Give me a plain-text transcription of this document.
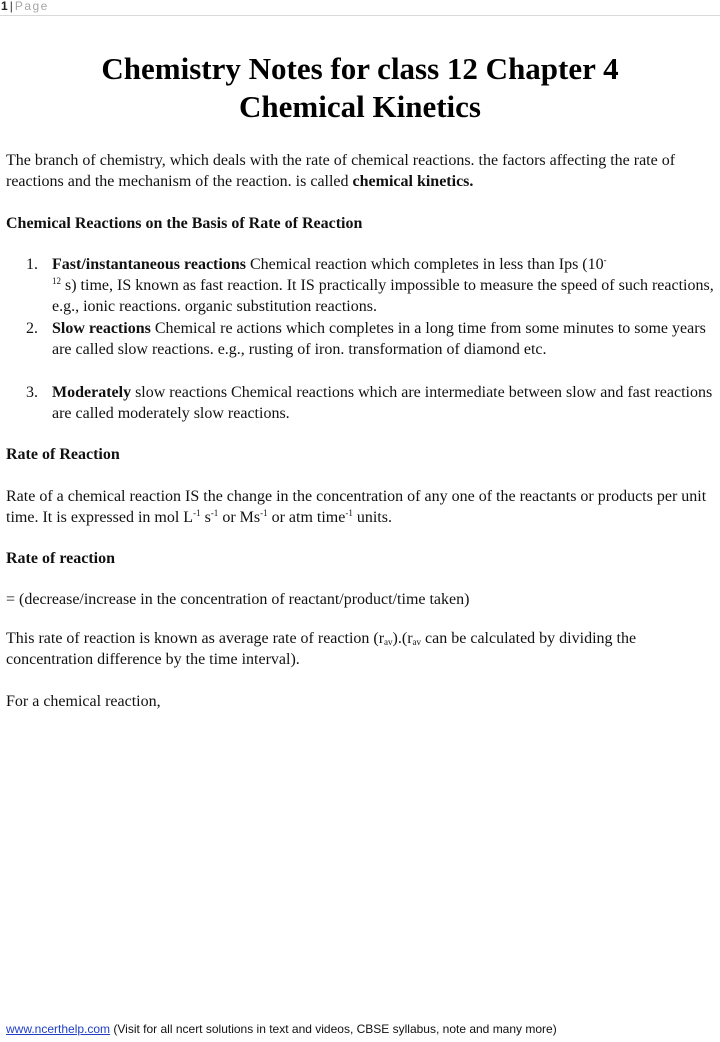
1 | Page
Chemistry Notes for class 12 Chapter 4
Chemical Kinetics

The branch of chemistry, which deals with the rate of chemical reactions. the factors affecting the rate of reactions and the mechanism of the reaction. is called chemical kinetics.

Chemical Reactions on the Basis of Rate of Reaction
1. Fast/instantaneous reactions Chemical reaction which completes in less than Ips (10-
$^{12}$ s) time, IS known as fast reaction. It IS practically impossible to measure the speed of such reactions, e.g., ionic reactions. organic substitution reactions.
2. Slow reactions Chemical re actions which completes in a long time from some minutes to some years are called slow reactions. e.g., rusting of iron. transformation of diamond etc.
3. Moderately slow reactions Chemical reactions which are intermediate between slow and fast reactions are called moderately slow reactions.
Rate of Reaction

Rate of a chemical reaction IS the change in the concentration of any one of the reactants or products per unit time. It is expressed in mol $L^{-1}$ $s^{-1}$ or $Ms^{-1}$ or atm time$^{-1}$ units.

Rate of reaction

= (decrease/increase in the concentration of reactant/product/time taken)

This rate of reaction is known as average rate of reaction $(r_{av}).(r_{av}$ can be calculated by dividing the concentration difference by the time interval).

For a chemical reaction,

www.ncerthelp.com (Visit for all ncert solutions in text and videos, CBSE syllabus, note and many more)
